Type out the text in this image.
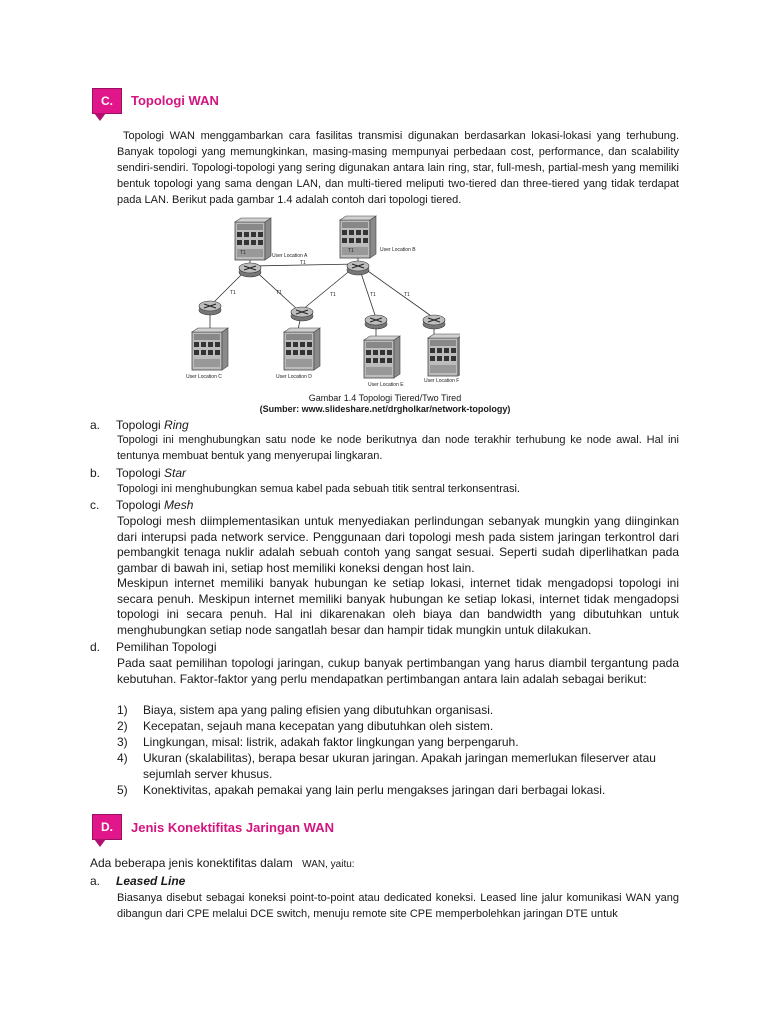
C.	Topologi WAN
Topologi WAN menggambarkan cara fasilitas transmisi digunakan berdasarkan lokasi-lokasi yang terhubung. Banyak topologi yang memungkinkan, masing-masing mempunyai perbedaan cost, performance, dan scalability sendiri-sendiri. Topologi-topologi yang sering digunakan antara lain ring, star, full-mesh, partial-mesh yang memiliki bentuk topologi yang sama dengan LAN, dan multi-tiered meliputi two-tiered dan three-tiered yang tidak terdapat pada LAN. Berikut pada gambar 1.4 adalah contoh dari topologi tiered.
User Location A
User Location B
User Location C	User Location D
User Location E
User Location F
T1	T1
T1
T1	T1	T1
T1	T1
Gambar 1.4 Topologi Tiered/Two Tired
(Sumber: www.slideshare.net/drgholkar/network-topology)
a. Topologi Ring
Topologi ini menghubungkan satu node ke node berikutnya dan node terakhir terhubung ke node awal. Hal ini tentunya membuat bentuk yang menyerupai lingkaran.
b. Topologi Star
Topologi ini menghubungkan semua kabel pada sebuah titik sentral terkonsentrasi.
c. Topologi Mesh
Topologi mesh diimplementasikan untuk menyediakan perlindungan sebanyak mungkin yang diinginkan dari interupsi pada network service. Penggunaan dari topologi mesh pada sistem jaringan terkontrol dari pembangkit tenaga nuklir adalah sebuah contoh yang sangat sesuai. Seperti sudah diperlihatkan pada gambar di bawah ini, setiap host memiliki koneksi dengan host lain.
Meskipun internet memiliki banyak hubungan ke setiap lokasi, internet tidak mengadopsi topologi ini secara penuh. Meskipun internet memiliki banyak hubungan ke setiap lokasi, internet tidak mengadopsi topologi ini secara penuh. Hal ini dikarenakan oleh biaya dan bandwidth yang dibutuhkan untuk menghubungkan setiap node sangatlah besar dan hampir tidak mungkin untuk dilakukan.
d. Pemilihan Topologi
Pada saat pemilihan topologi jaringan, cukup banyak pertimbangan yang harus diambil tergantung pada kebutuhan. Faktor-faktor yang perlu mendapatkan pertimbangan antara lain adalah sebagai berikut:
1)	Biaya, sistem apa yang paling efisien yang dibutuhkan organisasi.
2)	Kecepatan, sejauh mana kecepatan yang dibutuhkan oleh sistem.
3)	Lingkungan, misal: listrik, adakah faktor lingkungan yang berpengaruh.
4)	Ukuran (skalabilitas), berapa besar ukuran jaringan. Apakah jaringan memerlukan fileserver atau sejumlah server khusus.
5)	Konektivitas, apakah pemakai yang lain perlu mengakses jaringan dari berbagai lokasi.
D.	Jenis Konektifitas Jaringan WAN
Ada beberapa jenis konektifitas dalam WAN, yaitu:
a. Leased Line
Biasanya disebut sebagai koneksi point-to-point atau dedicated koneksi. Leased line jalur komunikasi WAN yang dibangun dari CPE melalui DCE switch, menuju remote site CPE memperbolehkan jaringan DTE untuk
